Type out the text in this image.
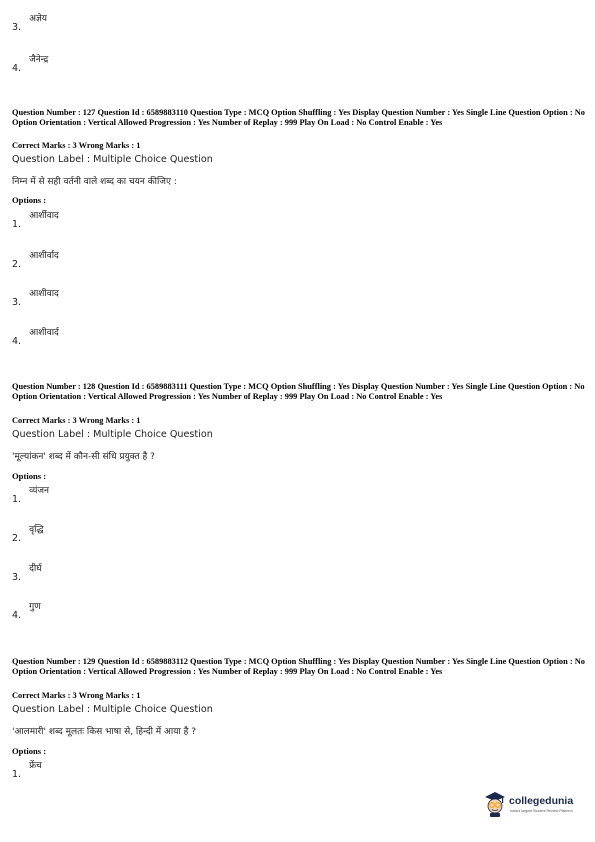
3.अज्ञेय
4.जैनेन्द्र
Question Number : 127 Question Id : 6589883110 Question Type : MCQ Option Shuffling : Yes Display Question Number : Yes Single Line Question Option : No Option Orientation : Vertical Allowed Progression : Yes Number of Replay : 999 Play On Load : No Control Enable : Yes
Correct Marks : 3 Wrong Marks : 1
Question Label : Multiple Choice Question
निम्न में से सही वर्तनी वाले शब्द का चयन कीजिए :
Options :
1.आर्शीवाद
2.आशीर्वाद
3.आशीवाद
4.आशीवार्द
Question Number : 128 Question Id : 6589883111 Question Type : MCQ Option Shuffling : Yes Display Question Number : Yes Single Line Question Option : No Option Orientation : Vertical Allowed Progression : Yes Number of Replay : 999 Play On Load : No Control Enable : Yes
Correct Marks : 3 Wrong Marks : 1
Question Label : Multiple Choice Question
'मूल्यांकन' शब्द में कौन-सी संधि प्रयुक्त है ?
Options :
1.व्यंजन
2.वृद्धि
3.दीर्घ
4.गुण
Question Number : 129 Question Id : 6589883112 Question Type : MCQ Option Shuffling : Yes Display Question Number : Yes Single Line Question Option : No Option Orientation : Vertical Allowed Progression : Yes Number of Replay : 999 Play On Load : No Control Enable : Yes
Correct Marks : 3 Wrong Marks : 1
Question Label : Multiple Choice Question
'आलमारी' शब्द मूलतः किस भाषा से, हिन्दी में आया है ?
Options :
1.फ्रेंच
collegedunia
India's largest Student Review Platform
